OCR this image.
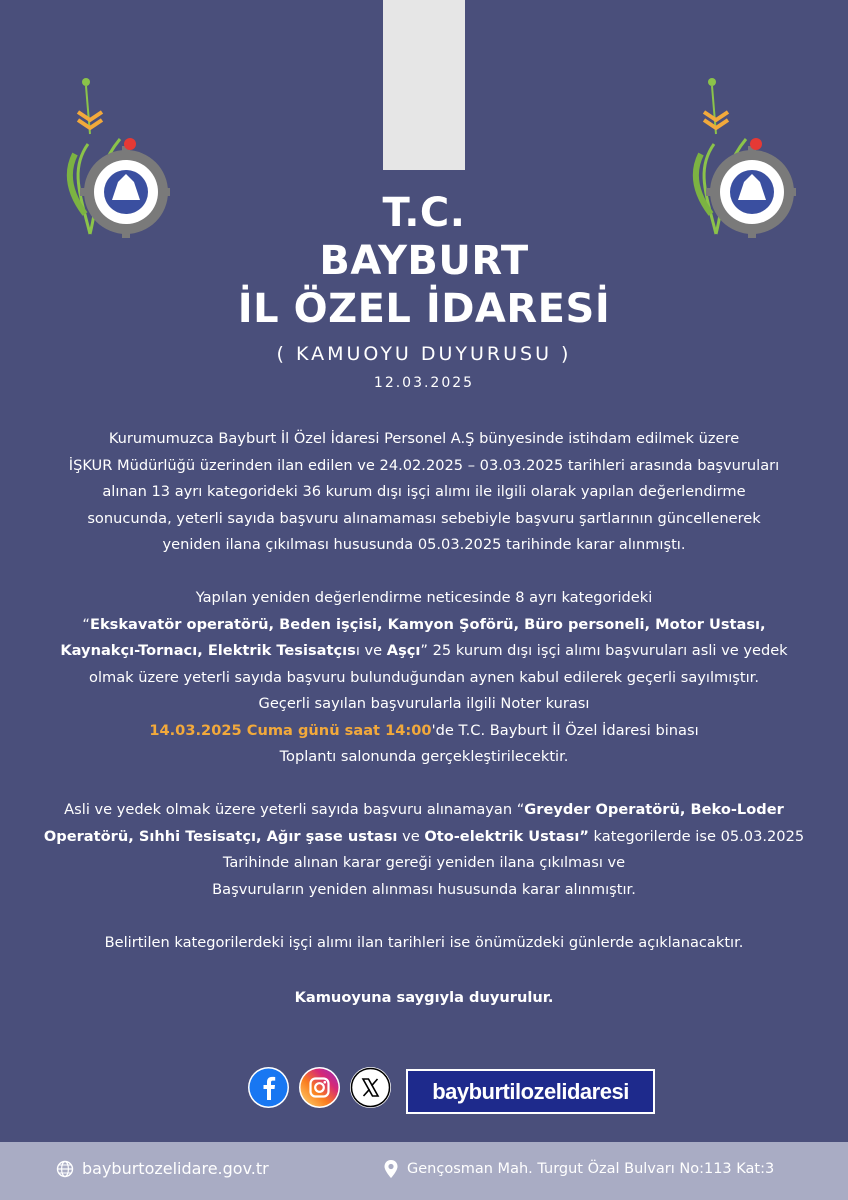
T.C.
BAYBURT
İL ÖZEL İDARESİ
( KAMUOYU DUYURUSU )
12.03.2025
Kurumumuzca Bayburt İl Özel İdaresi Personel A.Ş bünyesinde istihdam edilmek üzere
İŞKUR Müdürlüğü üzerinden ilan edilen ve 24.02.2025 – 03.03.2025 tarihleri arasında başvuruları
alınan 13 ayrı kategorideki 36 kurum dışı işçi alımı ile ilgili olarak yapılan değerlendirme
sonucunda, yeterli sayıda başvuru alınamaması sebebiyle başvuru şartlarının güncellenerek
yeniden ilana çıkılması hususunda 05.03.2025 tarihinde karar alınmıştı.
Yapılan yeniden değerlendirme neticesinde 8 ayrı kategorideki
“Ekskavatör operatörü, Beden işçisi, Kamyon Şoförü, Büro personeli, Motor Ustası,
Kaynakçı-Tornacı, Elektrik Tesisatçısı ve Aşçı” 25 kurum dışı işçi alımı başvuruları asli ve yedek
olmak üzere yeterli sayıda başvuru bulunduğundan aynen kabul edilerek geçerli sayılmıştır.
Geçerli sayılan başvurularla ilgili Noter kurası
14.03.2025 Cuma günü saat 14:00'de T.C. Bayburt İl Özel İdaresi binası
Toplantı salonunda gerçekleştirilecektir.
Asli ve yedek olmak üzere yeterli sayıda başvuru alınamayan “Greyder Operatörü, Beko-Loder
Operatörü, Sıhhi Tesisatçı, Ağır şase ustası ve Oto-elektrik Ustası” kategorilerde ise 05.03.2025
Tarihinde alınan karar gereği yeniden ilana çıkılması ve
Başvuruların yeniden alınması hususunda karar alınmıştır.
Belirtilen kategorilerdeki işçi alımı ilan tarihleri ise önümüzdeki günlerde açıklanacaktır.
Kamuoyuna saygıyla duyurulur.
bayburtilozelidaresi
bayburtozelidare.gov.tr	Gençosman Mah. Turgut Özal Bulvarı No:113 Kat:3
